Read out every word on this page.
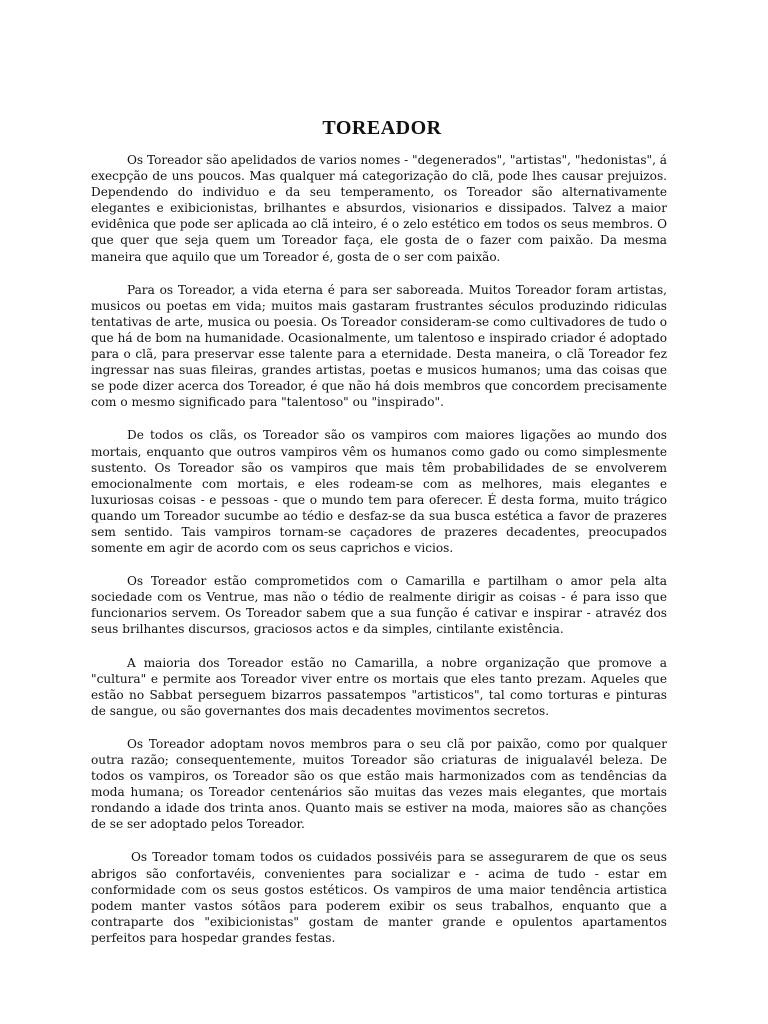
TOREADOR

Os Toreador são apelidados de varios nomes - "degenerados", "artistas", "hedonistas", á execpção de uns poucos. Mas qualquer má categorização do clã, pode lhes causar prejuizos. Dependendo do individuo e da seu temperamento, os Toreador são alternativamente elegantes e exibicionistas, brilhantes e absurdos, visionarios e dissipados. Talvez a maior evidênica que pode ser aplicada ao clã inteiro, é o zelo estético em todos os seus membros. O que quer que seja quem um Toreador faça, ele gosta de o fazer com paixão. Da mesma maneira que aquilo que um Toreador é, gosta de o ser com paixão.

Para os Toreador, a vida eterna é para ser saboreada. Muitos Toreador foram artistas, musicos ou poetas em vida; muitos mais gastaram frustrantes séculos produzindo ridiculas tentativas de arte, musica ou poesia. Os Toreador consideram-se como cultivadores de tudo o que há de bom na humanidade. Ocasionalmente, um talentoso e inspirado criador é adoptado para o clã, para preservar esse talente para a eternidade. Desta maneira, o clã Toreador fez ingressar nas suas fileiras, grandes artistas, poetas e musicos humanos; uma das coisas que se pode dizer acerca dos Toreador, é que não há dois membros que concordem precisamente com o mesmo significado para "talentoso" ou "inspirado".

De todos os clãs, os Toreador são os vampiros com maiores ligações ao mundo dos mortais, enquanto que outros vampiros vêm os humanos como gado ou como simplesmente sustento. Os Toreador são os vampiros que mais têm probabilidades de se envolverem emocionalmente com mortais, e eles rodeam-se com as melhores, mais elegantes e luxuriosas coisas - e pessoas - que o mundo tem para oferecer. É desta forma, muito trágico quando um Toreador sucumbe ao tédio e desfaz-se da sua busca estética a favor de prazeres sem sentido. Tais vampiros tornam-se caçadores de prazeres decadentes, preocupados somente em agir de acordo com os seus caprichos e vicios.

Os Toreador estão comprometidos com o Camarilla e partilham o amor pela alta sociedade com os Ventrue, mas não o tédio de realmente dirigir as coisas - é para isso que funcionarios servem. Os Toreador sabem que a sua função é cativar e inspirar - atravéz dos seus brilhantes discursos, graciosos actos e da simples, cintilante existência.

A maioria dos Toreador estão no Camarilla, a nobre organização que promove a "cultura" e permite aos Toreador viver entre os mortais que eles tanto prezam. Aqueles que estão no Sabbat perseguem bizarros passatempos "artisticos", tal como torturas e pinturas de sangue, ou são governantes dos mais decadentes movimentos secretos.

Os Toreador adoptam novos membros para o seu clã por paixão, como por qualquer outra razão; consequentemente, muitos Toreador são criaturas de inigualavél beleza. De todos os vampiros, os Toreador são os que estão mais harmonizados com as tendências da moda humana; os Toreador centenários são muitas das vezes mais elegantes, que mortais rondando a idade dos trinta anos. Quanto mais se estiver na moda, maiores são as chanções de se ser adoptado pelos Toreador.

Os Toreador tomam todos os cuidados possivéis para se assegurarem de que os seus abrigos são confortavéis, convenientes para socializar e - acima de tudo - estar em conformidade com os seus gostos estéticos. Os vampiros de uma maior tendência artistica podem manter vastos sótãos para poderem exibir os seus trabalhos, enquanto que a contraparte dos "exibicionistas" gostam de manter grande e opulentos apartamentos perfeitos para hospedar grandes festas.
